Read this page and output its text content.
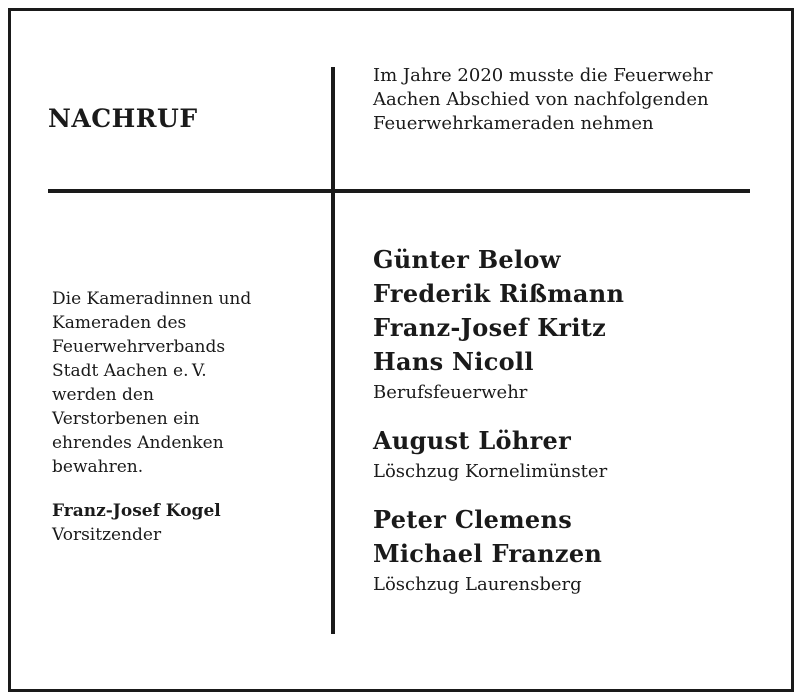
NACHRUF

Im Jahre 2020 musste die Feuerwehr Aachen Abschied von nachfolgenden Feuerwehrkameraden nehmen

Die Kameradinnen und Kameraden des Feuerwehrverbands Stadt Aachen e. V. werden den Verstorbenen ein ehrendes Andenken bewahren.

Franz-Josef Kogel

Vorsitzender

Günter Below
Frederik Rißmann
Franz-Josef Kritz
Hans Nicoll
Berufsfeuerwehr
August Löhrer
Löschzug Kornelimünster
Peter Clemens
Michael Franzen
Löschzug Laurensberg
